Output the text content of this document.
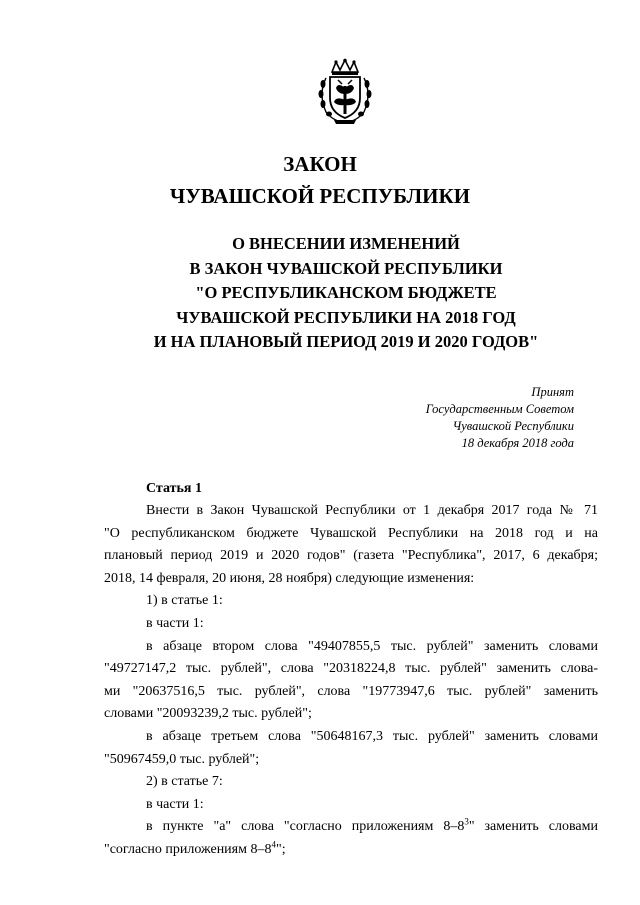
ЗАКОН
ЧУВАШСКОЙ РЕСПУБЛИКИ
О ВНЕСЕНИИ ИЗМЕНЕНИЙ
В ЗАКОН ЧУВАШСКОЙ РЕСПУБЛИКИ
"О РЕСПУБЛИКАНСКОМ БЮДЖЕТЕ
ЧУВАШСКОЙ РЕСПУБЛИКИ НА 2018 ГОД
И НА ПЛАНОВЫЙ ПЕРИОД 2019 И 2020 ГОДОВ"
Принят
Государственным Советом
Чувашской Республики
18 декабря 2018 года
Статья 1

Внести в Закон Чувашской Республики от 1 декабря 2017 года № 71

"О республиканском бюджете Чувашской Республики на 2018 год и на

плановый период 2019 и 2020 годов" (газета "Республика", 2017, 6 декабря;

2018, 14 февраля, 20 июня, 28 ноября) следующие изменения:

1) в статье 1:

в части 1:

в абзаце втором слова "49407855,5 тыс. рублей" заменить словами

"49727147,2 тыс. рублей", слова "20318224,8 тыс. рублей" заменить слова-

ми "20637516,5 тыс. рублей", слова "19773947,6 тыс. рублей" заменить

словами "20093239,2 тыс. рублей";

в абзаце третьем слова "50648167,3 тыс. рублей" заменить словами

"50967459,0 тыс. рублей";

2) в статье 7:

в части 1:

в пункте "а" слова "согласно приложениям $8-8^3$" заменить словами

"согласно приложениям $8-8^4$";
